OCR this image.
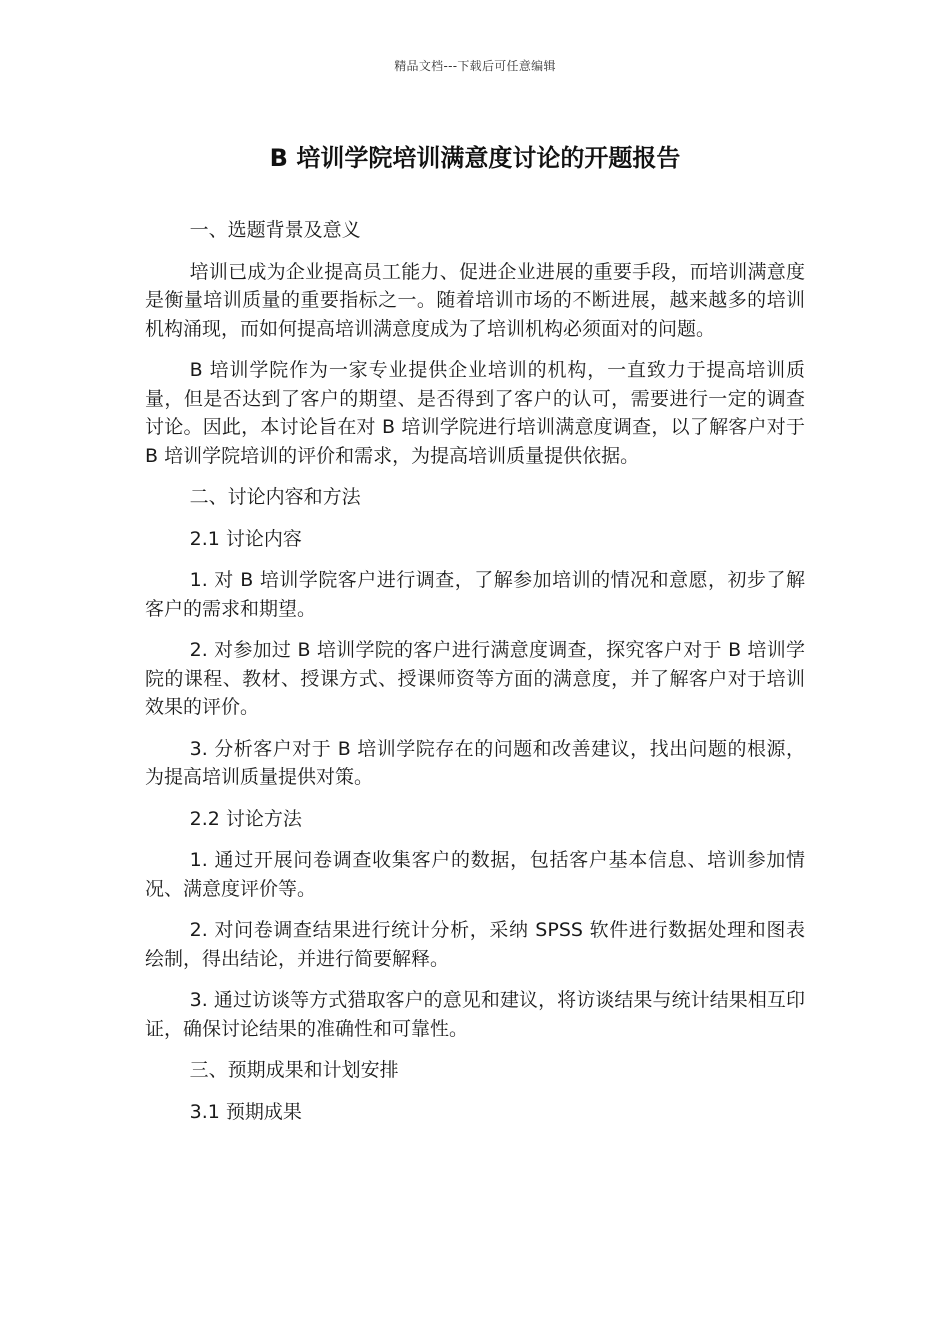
精品文档---下载后可任意编辑
B 培训学院培训满意度讨论的开题报告

一、选题背景及意义

培训已成为企业提高员工能力、促进企业进展的重要手段，而培训满意度是衡量培训质量的重要指标之一。随着培训市场的不断进展，越来越多的培训机构涌现，而如何提高培训满意度成为了培训机构必须面对的问题。

B 培训学院作为一家专业提供企业培训的机构，一直致力于提高培训质量，但是否达到了客户的期望、是否得到了客户的认可，需要进行一定的调查讨论。因此，本讨论旨在对 B 培训学院进行培训满意度调查，以了解客户对于 B 培训学院培训的评价和需求，为提高培训质量提供依据。

二、讨论内容和方法

2.1 讨论内容

1. 对 B 培训学院客户进行调查，了解参加培训的情况和意愿，初步了解客户的需求和期望。

2. 对参加过 B 培训学院的客户进行满意度调查，探究客户对于 B 培训学院的课程、教材、授课方式、授课师资等方面的满意度，并了解客户对于培训效果的评价。

3. 分析客户对于 B 培训学院存在的问题和改善建议，找出问题的根源，为提高培训质量提供对策。

2.2 讨论方法

1. 通过开展问卷调查收集客户的数据，包括客户基本信息、培训参加情况、满意度评价等。

2. 对问卷调查结果进行统计分析，采纳 SPSS 软件进行数据处理和图表绘制，得出结论，并进行简要解释。

3. 通过访谈等方式猎取客户的意见和建议，将访谈结果与统计结果相互印证，确保讨论结果的准确性和可靠性。

三、预期成果和计划安排

3.1 预期成果
